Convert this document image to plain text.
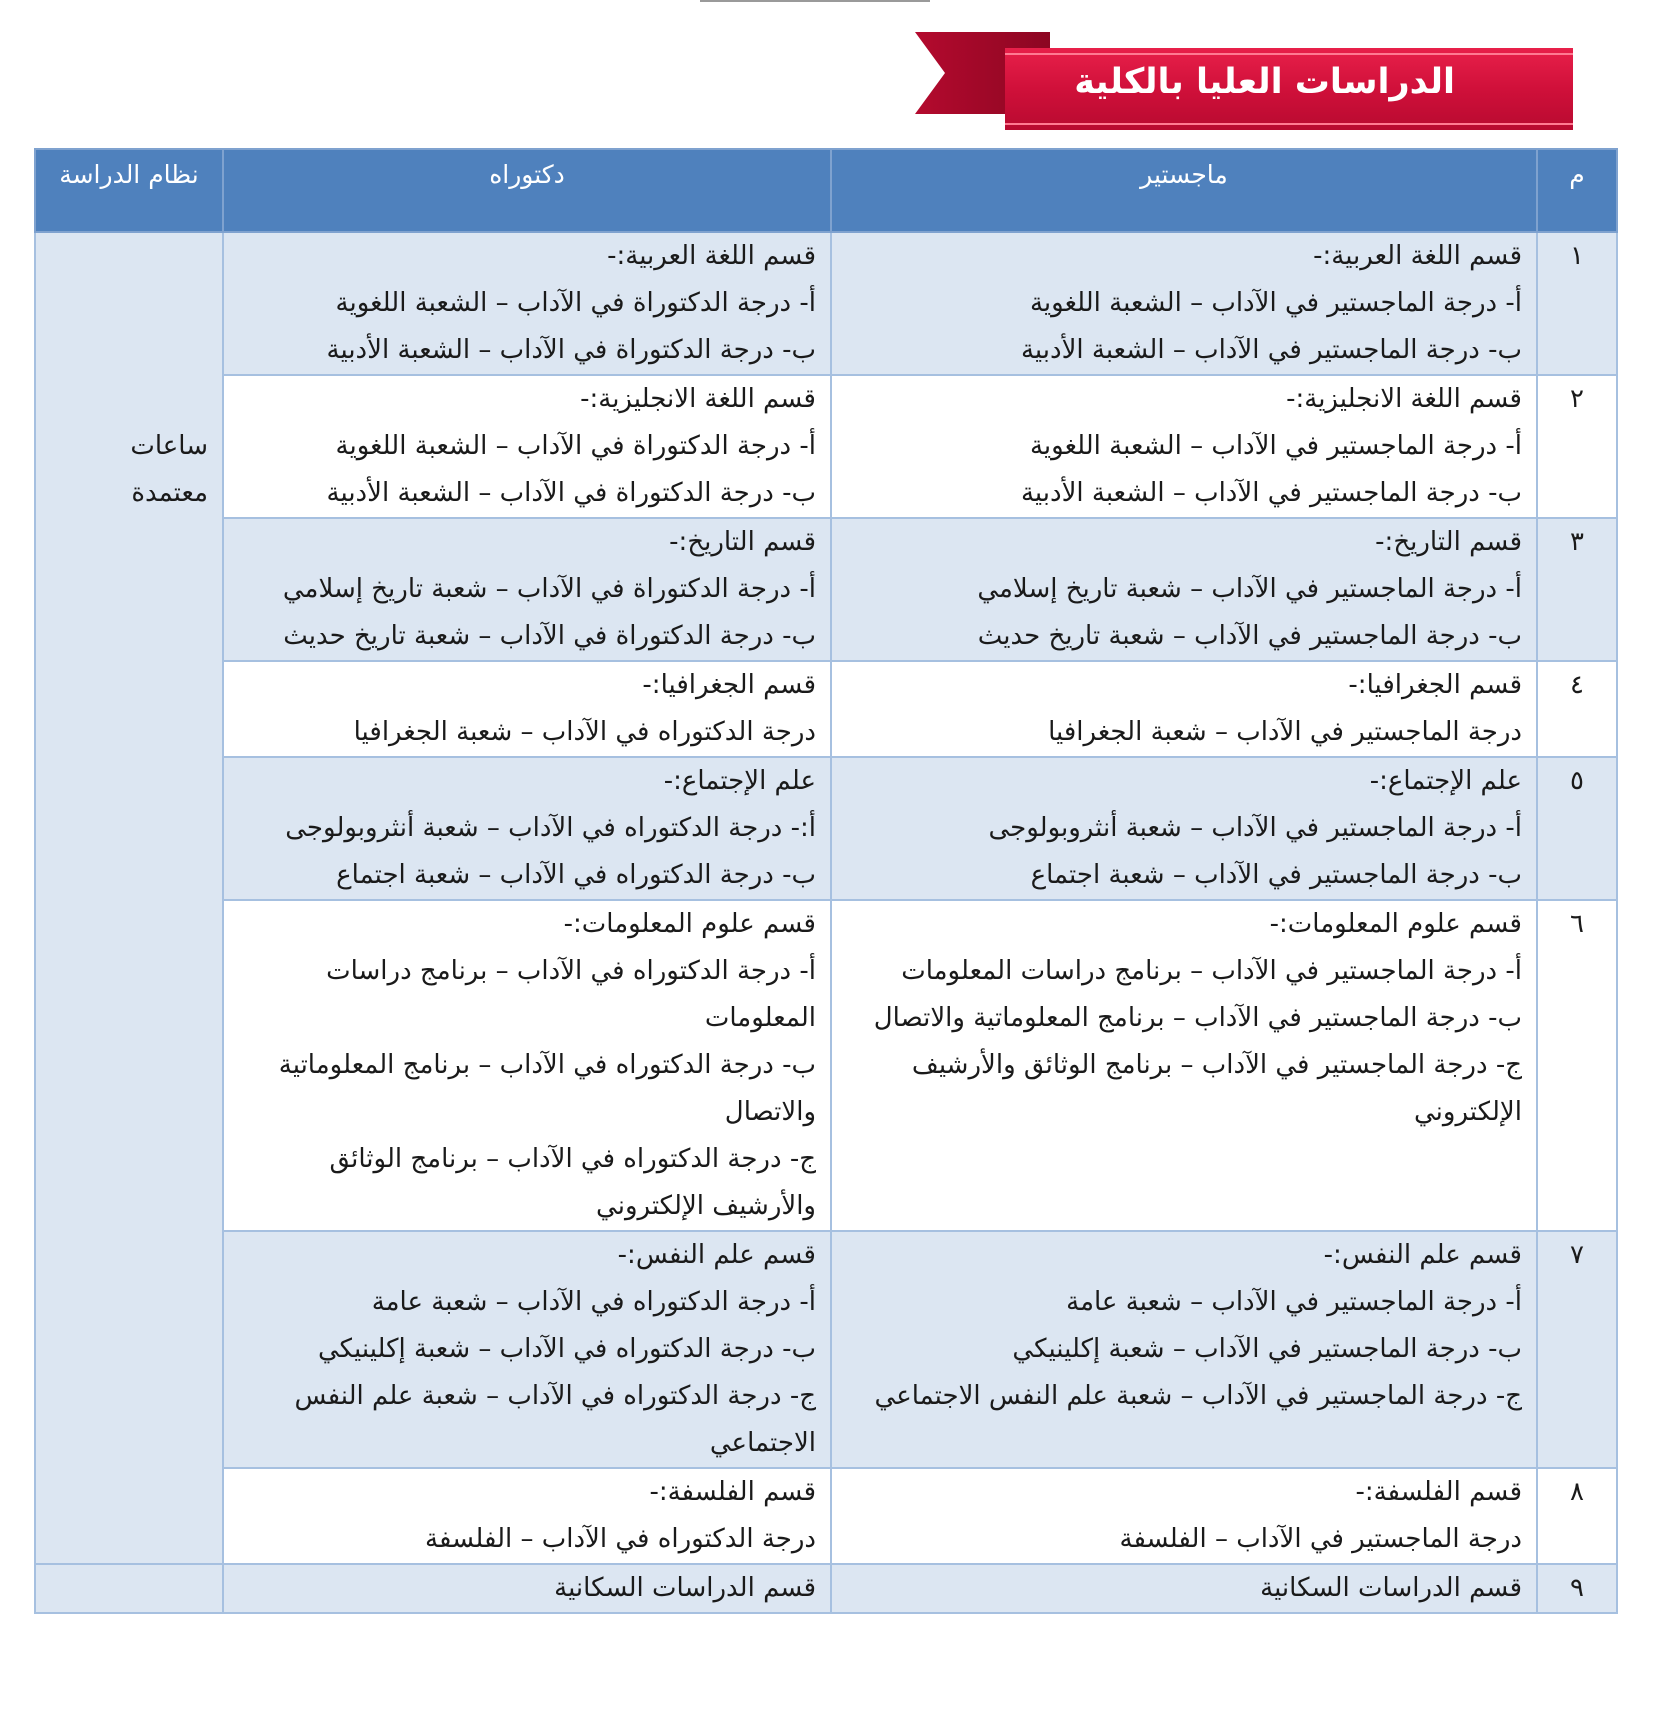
الدراسات العليا بالكلية
م	ماجستير	دكتوراه	نظام الدراسة
١	قسم اللغة العربية:-
أ- درجة الماجستير في الآداب – الشعبة اللغوية
ب- درجة الماجستير في الآداب – الشعبة الأدبية	قسم اللغة العربية:-
أ- درجة الدكتوراة في الآداب – الشعبة اللغوية
ب- درجة الدكتوراة في الآداب – الشعبة الأدبية	ساعات معتمدة
٢	قسم اللغة الانجليزية:-
أ- درجة الماجستير في الآداب – الشعبة اللغوية
ب- درجة الماجستير في الآداب – الشعبة الأدبية	قسم اللغة الانجليزية:-
أ- درجة الدكتوراة في الآداب – الشعبة اللغوية
ب- درجة الدكتوراة في الآداب – الشعبة الأدبية	

٣	قسم التاريخ:-
أ- درجة الماجستير في الآداب – شعبة تاريخ إسلامي
ب- درجة الماجستير في الآداب – شعبة تاريخ حديث	قسم التاريخ:-
أ- درجة الدكتوراة في الآداب – شعبة تاريخ إسلامي
ب- درجة الدكتوراة في الآداب – شعبة تاريخ حديث	

٤	قسم الجغرافيا:-
درجة الماجستير في الآداب – شعبة الجغرافيا	قسم الجغرافيا:-
درجة الدكتوراه في الآداب – شعبة الجغرافيا	

٥	علم الإجتماع:-
أ- درجة الماجستير في الآداب – شعبة أنثروبولوجى
ب- درجة الماجستير في الآداب – شعبة اجتماع	علم الإجتماع:-
أ:- درجة الدكتوراه في الآداب – شعبة أنثروبولوجى
ب- درجة الدكتوراه في الآداب – شعبة اجتماع	

٦	قسم علوم المعلومات:-
أ- درجة الماجستير في الآداب – برنامج دراسات المعلومات
ب- درجة الماجستير في الآداب – برنامج المعلوماتية والاتصال
ج- درجة الماجستير في الآداب – برنامج الوثائق والأرشيف الإلكتروني	قسم علوم المعلومات:-
أ- درجة الدكتوراه في الآداب – برنامج دراسات المعلومات
ب- درجة الدكتوراه في الآداب – برنامج المعلوماتية والاتصال
ج- درجة الدكتوراه في الآداب – برنامج الوثائق والأرشيف الإلكتروني	

٧	قسم علم النفس:-
أ- درجة الماجستير في الآداب – شعبة عامة
ب- درجة الماجستير في الآداب – شعبة إكلينيكي
ج- درجة الماجستير في الآداب – شعبة علم النفس الاجتماعي	قسم علم النفس:-
أ- درجة الدكتوراه في الآداب – شعبة عامة
ب- درجة الدكتوراه في الآداب – شعبة إكلينيكي
ج- درجة الدكتوراه في الآداب – شعبة علم النفس الاجتماعي	

٨	قسم الفلسفة:-
درجة الماجستير في الآداب – الفلسفة	قسم الفلسفة:-
درجة الدكتوراه في الآداب – الفلسفة	

٩	قسم الدراسات السكانية	قسم الدراسات السكانية	
